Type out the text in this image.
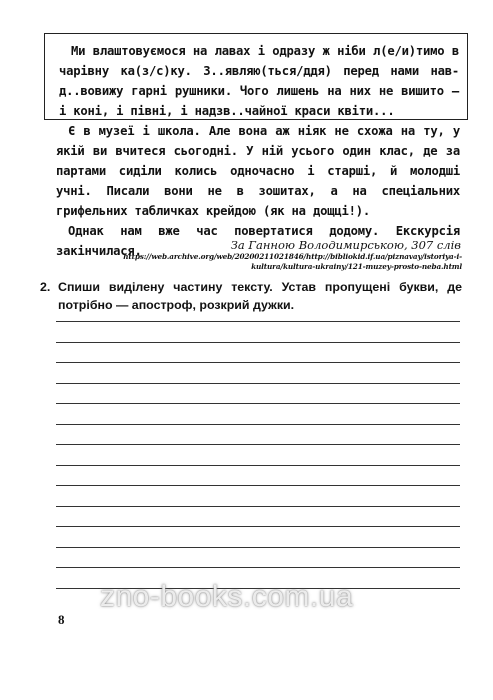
Ми влаштовуємося на лавах і одразу ж ніби л(е/и)тимо в чарівну ка(з/с)ку. З..являю(ться/ддя) перед нами нав-д..вовижу гарні рушники. Чого лишень на них не вишито — і коні, і півні, і надзв..чайної краси квіти...

Є в музеї і школа. Але вона аж ніяк не схожа на ту, у якій ви вчитеся сьогодні. У ній усього один клас, де за партами сиділи колись одночасно і старші, й молодші учні. Писали вони не в зошитах, а на спеціальних грифельних табличках крейдою (як на дощці!).

Однак нам вже час повертатися додому. Екскурсія закінчилася.	За Ганною Володимирською, 307 слів
https://web.archive.org/web/20200211021846/http://bibliokid.if.ua/piznavay/istoriya-i-kultura/kultura-ukrainy/121-muzey-prosto-neba.html
2. Спиши виділену частину тексту. Устав пропущені букви, де потрібно — апостроф, розкрий дужки.
8
zno-books.com.ua
